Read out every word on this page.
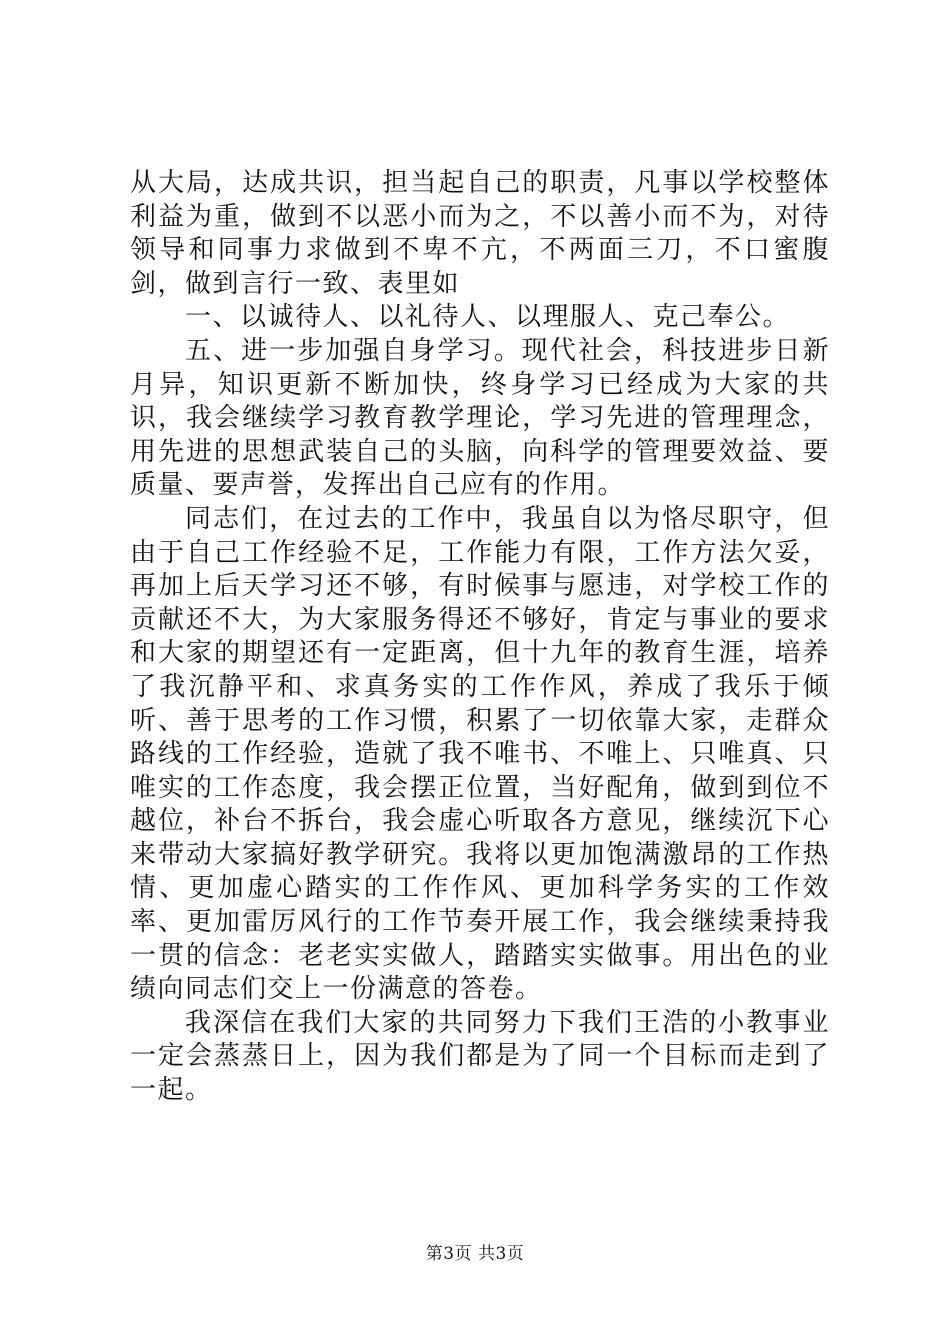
从大局，达成共识，担当起自己的职责，凡事以学校整体利益为重，做到不以恶小而为之，不以善小而不为，对待领导和同事力求做到不卑不亢，不两面三刀，不口蜜腹剑，做到言行一致、表里如

一、以诚待人、以礼待人、以理服人、克己奉公。

五、进一步加强自身学习。现代社会，科技进步日新月异，知识更新不断加快，终身学习已经成为大家的共识，我会继续学习教育教学理论，学习先进的管理理念，用先进的思想武装自己的头脑，向科学的管理要效益、要质量、要声誉，发挥出自己应有的作用。

同志们，在过去的工作中，我虽自以为恪尽职守，但由于自己工作经验不足，工作能力有限，工作方法欠妥，再加上后天学习还不够，有时候事与愿违，对学校工作的贡献还不大，为大家服务得还不够好，肯定与事业的要求和大家的期望还有一定距离，但十九年的教育生涯，培养了我沉静平和、求真务实的工作作风，养成了我乐于倾听、善于思考的工作习惯，积累了一切依靠大家，走群众路线的工作经验，造就了我不唯书、不唯上、只唯真、只唯实的工作态度，我会摆正位置，当好配角，做到到位不越位，补台不拆台，我会虚心听取各方意见，继续沉下心来带动大家搞好教学研究。我将以更加饱满激昂的工作热情、更加虚心踏实的工作作风、更加科学务实的工作效率、更加雷厉风行的工作节奏开展工作，我会继续秉持我一贯的信念：老老实实做人，踏踏实实做事。用出色的业绩向同志们交上一份满意的答卷。

我深信在我们大家的共同努力下我们王浩的小教事业一定会蒸蒸日上，因为我们都是为了同一个目标而走到了一起。

第3页 共3页
